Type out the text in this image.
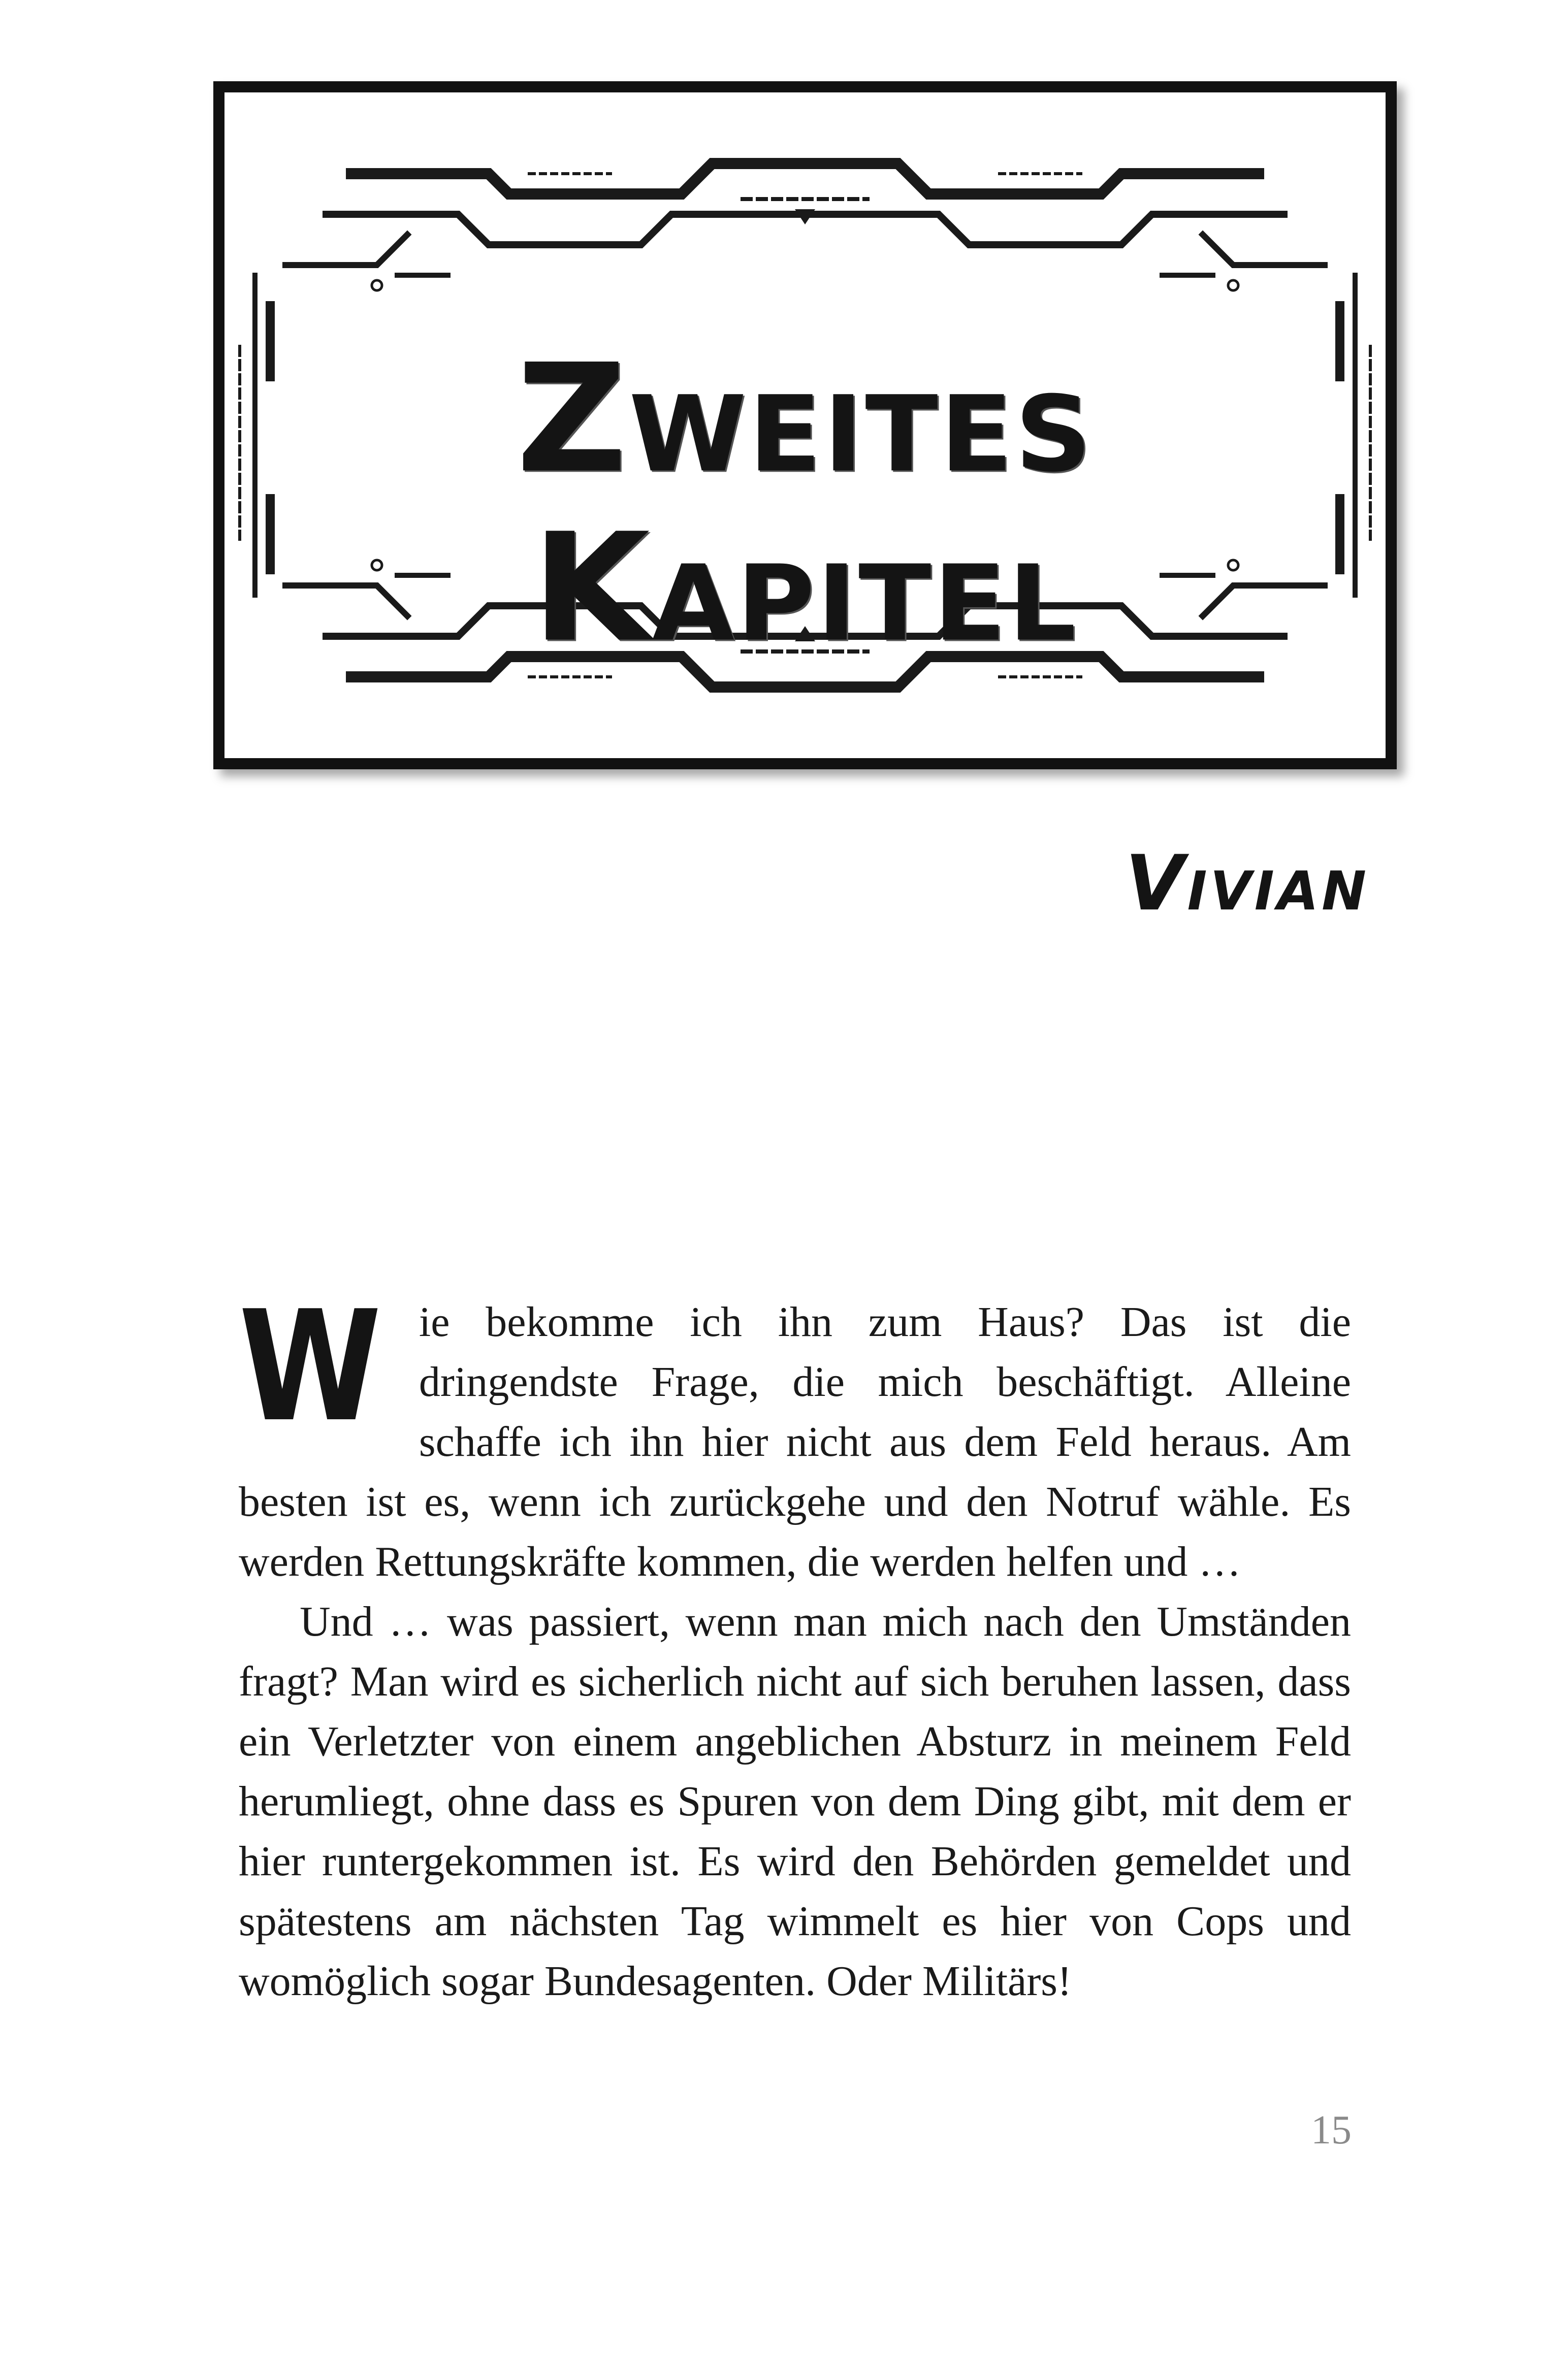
Zweites Kapitel
Vivian

Wie bekomme ich ihn zum Haus? Das ist die dringendste Frage, die mich beschäftigt. Alleine schaffe ich ihn hier nicht aus dem Feld heraus. Am besten ist es, wenn ich zurückgehe und den Notruf wähle. Es werden Rettungskräfte kommen, die werden helfen und …

Und … was passiert, wenn man mich nach den Umständen fragt? Man wird es sicherlich nicht auf sich beruhen lassen, dass ein Verletzter von einem angeblichen Absturz in meinem Feld herumliegt, ohne dass es Spuren von dem Ding gibt, mit dem er hier runtergekommen ist. Es wird den Behörden gemeldet und spätestens am nächsten Tag wimmelt es hier von Cops und womöglich sogar Bundesagenten. Oder Militärs!

15
